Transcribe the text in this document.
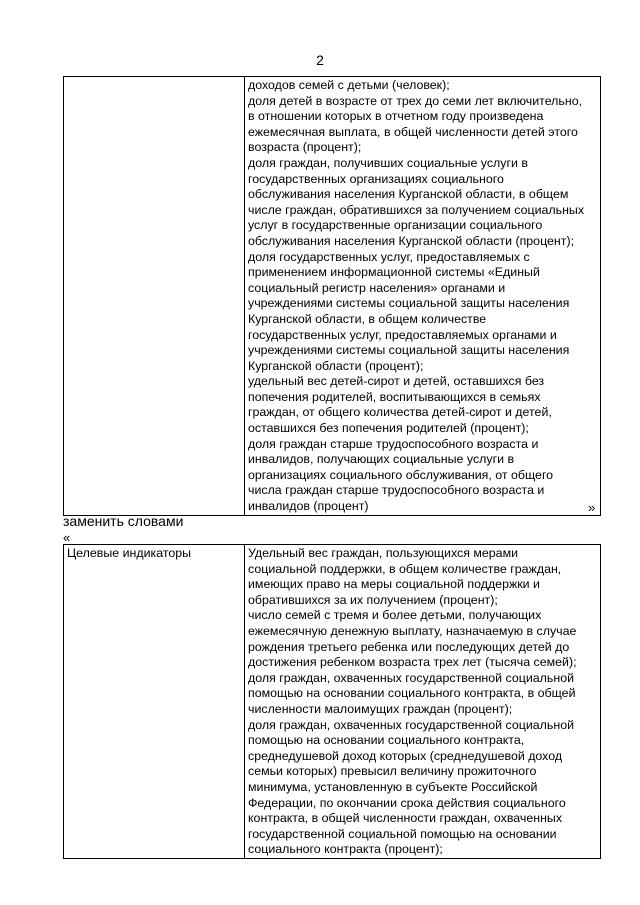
2
	доходов семей с детьми (человек);
доля детей в возрасте от трех до семи лет включительно,
в отношении которых в отчетном году произведена
ежемесячная выплата, в общей численности детей этого
возраста (процент);
доля граждан, получивших социальные услуги в
государственных организациях социального
обслуживания населения Курганской области, в общем
числе граждан, обратившихся за получением социальных
услуг в государственные организации социального
обслуживания населения Курганской области (процент);
доля государственных услуг, предоставляемых с
применением информационной системы «Единый
социальный регистр населения» органами и
учреждениями системы социальной защиты населения
Курганской области, в общем количестве
государственных услуг, предоставляемых органами и
учреждениями системы социальной защиты населения
Курганской области (процент);
удельный вес детей-сирот и детей, оставшихся без
попечения родителей, воспитывающихся в семьях
граждан, от общего количества детей-сирот и детей,
оставшихся без попечения родителей (процент);
доля граждан старше трудоспособного возраста и
инвалидов, получающих социальные услуги в
организациях социального обслуживания, от общего
числа граждан старше трудоспособного возраста и
инвалидов (процент)	»
заменить словами
«
Целевые индикаторы	Удельный вес граждан, пользующихся мерами
социальной поддержки, в общем количестве граждан,
имеющих право на меры социальной поддержки и
обратившихся за их получением (процент);
число семей с тремя и более детьми, получающих
ежемесячную денежную выплату, назначаемую в случае
рождения третьего ребенка или последующих детей до
достижения ребенком возраста трех лет (тысяча семей);
доля граждан, охваченных государственной социальной
помощью на основании социального контракта, в общей
численности малоимущих граждан (процент);
доля граждан, охваченных государственной социальной
помощью на основании социального контракта,
среднедушевой доход которых (среднедушевой доход
семьи которых) превысил величину прожиточного
минимума, установленную в субъекте Российской
Федерации, по окончании срока действия социального
контракта, в общей численности граждан, охваченных
государственной социальной помощью на основании
социального контракта (процент);
